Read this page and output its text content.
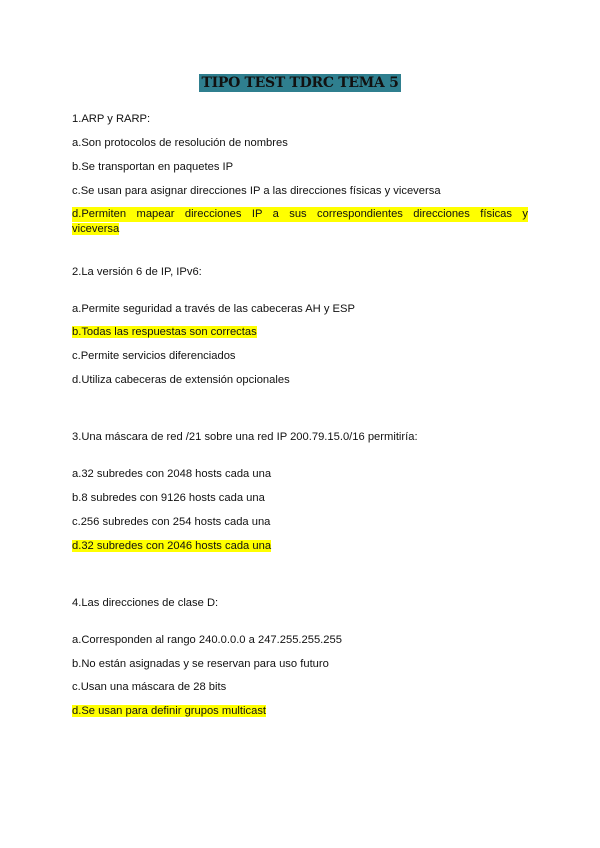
TIPO TEST TDRC TEMA 5
1.ARP y RARP:
a.Son protocolos de resolución de nombres
b.Se transportan en paquetes IP
c.Se usan para asignar direcciones IP a las direcciones físicas y viceversa
d.Permiten mapear direcciones IP a sus correspondientes direcciones físicas y
viceversa
2.La versión 6 de IP, IPv6:
a.Permite seguridad a través de las cabeceras AH y ESP
b.Todas las respuestas son correctas
c.Permite servicios diferenciados
d.Utiliza cabeceras de extensión opcionales
3.Una máscara de red /21 sobre una red IP 200.79.15.0/16 permitiría:
a.32 subredes con 2048 hosts cada una
b.8 subredes con 9126 hosts cada una
c.256 subredes con 254 hosts cada una
d.32 subredes con 2046 hosts cada una
4.Las direcciones de clase D:
a.Corresponden al rango 240.0.0.0 a 247.255.255.255
b.No están asignadas y se reservan para uso futuro
c.Usan una máscara de 28 bits
d.Se usan para definir grupos multicast
